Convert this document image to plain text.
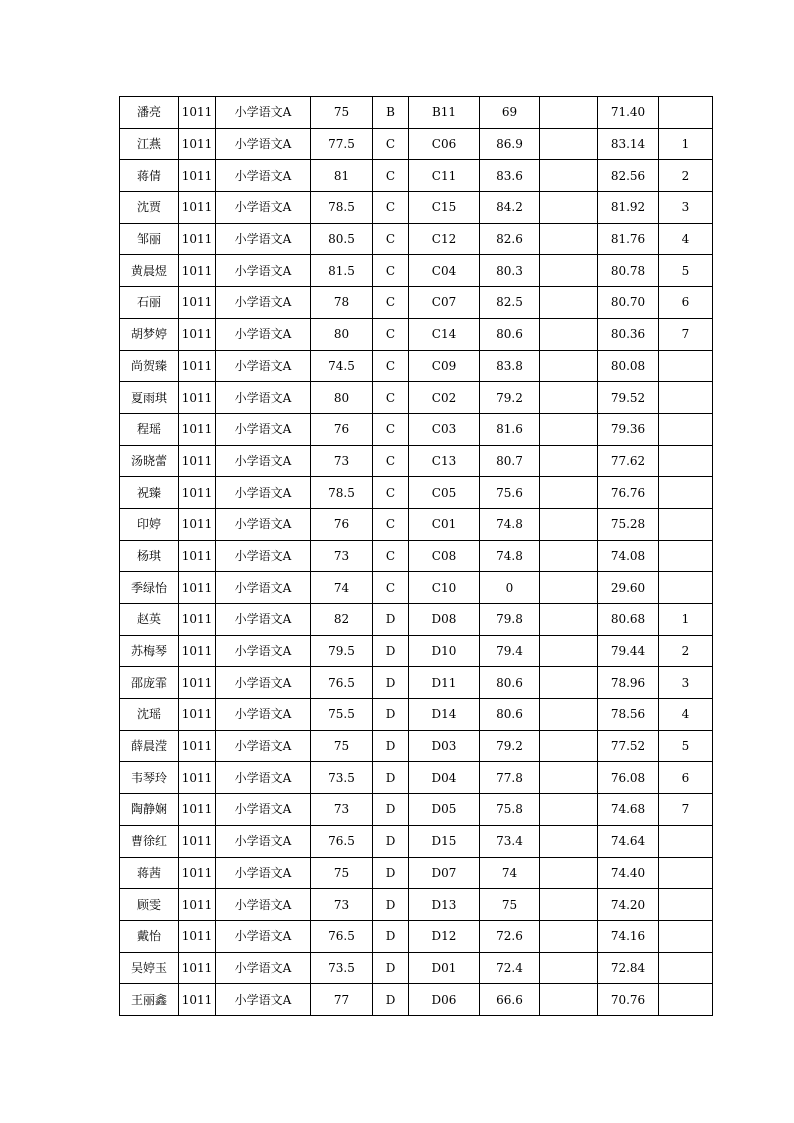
潘亮	1011	小学语文A	75	B	B11	69		71.40	
江燕	1011	小学语文A	77.5	C	C06	86.9		83.14	1
蒋倩	1011	小学语文A	81	C	C11	83.6		82.56	2
沈贾	1011	小学语文A	78.5	C	C15	84.2		81.92	3
邹丽	1011	小学语文A	80.5	C	C12	82.6		81.76	4
黄晨煜	1011	小学语文A	81.5	C	C04	80.3		80.78	5
石丽	1011	小学语文A	78	C	C07	82.5		80.70	6
胡梦婷	1011	小学语文A	80	C	C14	80.6		80.36	7
尚贺臻	1011	小学语文A	74.5	C	C09	83.8		80.08	
夏雨琪	1011	小学语文A	80	C	C02	79.2		79.52	
程瑶	1011	小学语文A	76	C	C03	81.6		79.36	
汤晓蕾	1011	小学语文A	73	C	C13	80.7		77.62	
祝臻	1011	小学语文A	78.5	C	C05	75.6		76.76	
印婷	1011	小学语文A	76	C	C01	74.8		75.28	
杨琪	1011	小学语文A	73	C	C08	74.8		74.08	
季绿怡	1011	小学语文A	74	C	C10	0		29.60	
赵英	1011	小学语文A	82	D	D08	79.8		80.68	1
苏梅琴	1011	小学语文A	79.5	D	D10	79.4		79.44	2
邵庞霏	1011	小学语文A	76.5	D	D11	80.6		78.96	3
沈瑶	1011	小学语文A	75.5	D	D14	80.6		78.56	4
薛晨滢	1011	小学语文A	75	D	D03	79.2		77.52	5
韦琴玲	1011	小学语文A	73.5	D	D04	77.8		76.08	6
陶静娴	1011	小学语文A	73	D	D05	75.8		74.68	7
曹徐红	1011	小学语文A	76.5	D	D15	73.4		74.64	
蒋茜	1011	小学语文A	75	D	D07	74		74.40	
顾雯	1011	小学语文A	73	D	D13	75		74.20	
戴怡	1011	小学语文A	76.5	D	D12	72.6		74.16	
吴婷玉	1011	小学语文A	73.5	D	D01	72.4		72.84	
王丽鑫	1011	小学语文A	77	D	D06	66.6		70.76	
